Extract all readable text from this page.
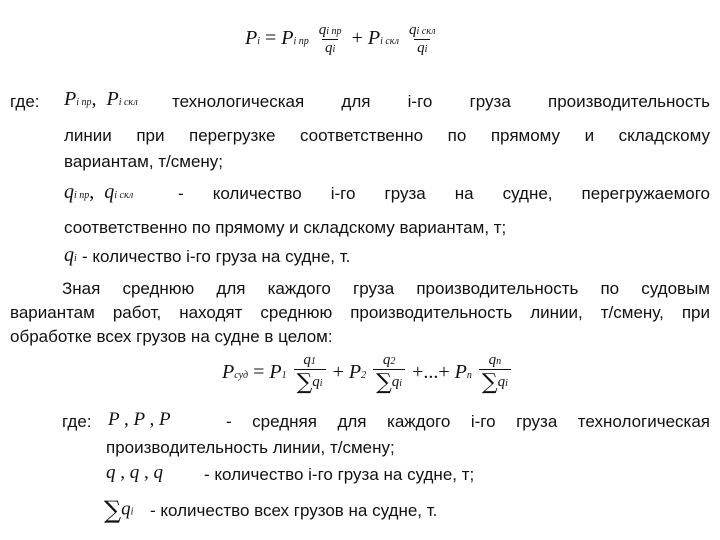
Pi = Pi пр $\frac{\text{qi пр}}{qi} + Pi$ скл $\frac{\text{qi скл}}{qi}$
где: Pi пр, Pi скл технологическая для i-го груза производительность
линии при перегрузке соответственно по прямому и складскому
вариантам, т/смену;
qi пр, qi скл	- количество i-го груза на судне, перегружаемого
соответственно по прямому и складскому вариантам, т;
qi - количество i-го груза на судне, т.
Зная среднюю для каждого груза производительность по судовым
вариантам работ, находят среднюю производительность линии, т/смену, при
обработке всех грузов на судне в целом:
Pсуд = $P1 \frac{q1}{\sum qi} + P2 \frac{q2}{\sum qi}$ +...+ Pn $\frac{qn}{\sum qi}$
где: P , P , P	- средняя для каждого i-го груза технологическая
производительность линии, т/смену;
q , q , q - количество i-го груза на судне, т;
∑qi - количество всех грузов на судне, т.
